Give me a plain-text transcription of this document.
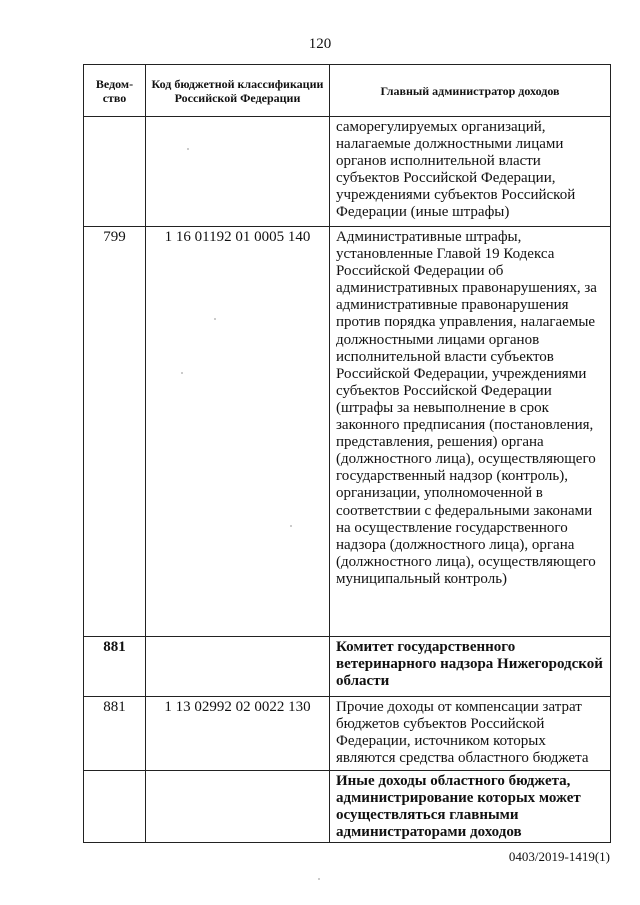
120
Ведом-ство	Код бюджетной классификации Российской Федерации	Главный администратор доходов
		саморегулируемых организаций, налагаемые должностными лицами органов исполнительной власти субъектов Российской Федерации, учреждениями субъектов Российской Федерации (иные штрафы)
799	1 16 01192 01 0005 140	Административные штрафы, установленные Главой 19 Кодекса Российской Федерации об административных правонарушениях, за административные правонарушения против порядка управления, налагаемые должностными лицами органов исполнительной власти субъектов Российской Федерации, учреждениями субъектов Российской Федерации (штрафы за невыполнение в срок законного предписания (постановления, представления, решения) органа (должностного лица), осуществляющего государственный надзор (контроль), организации, уполномоченной в соответствии с федеральными законами на осуществление государственного надзора (должностного лица), органа (должностного лица), осуществляющего муниципальный контроль)
881		Комитет государственного ветеринарного надзора Нижегородской области
881	1 13 02992 02 0022 130	Прочие доходы от компенсации затрат бюджетов субъектов Российской Федерации, источником которых являются средства областного бюджета
		Иные доходы областного бюджета, администрирование которых может осуществляться главными администраторами доходов
0403/2019-1419(1)
